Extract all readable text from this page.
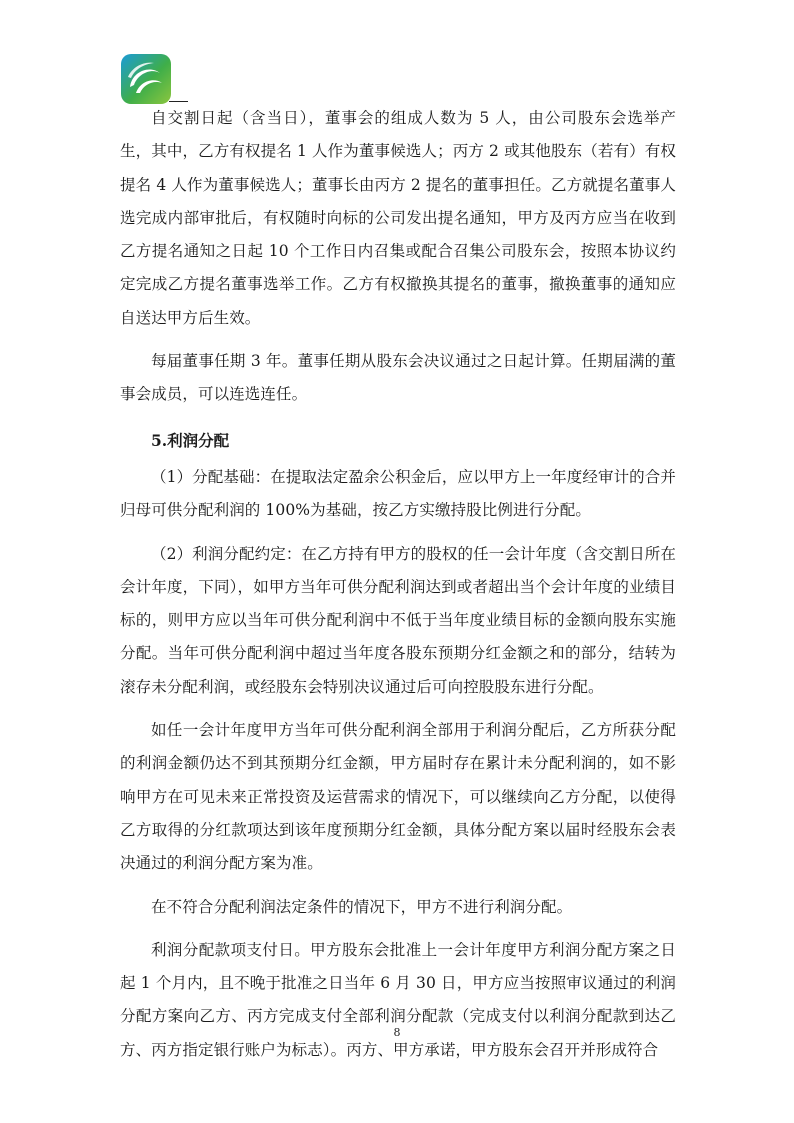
自交割日起（含当日），董事会的组成人数为 5 人，由公司股东会选举产生，其中，乙方有权提名 1 人作为董事候选人；丙方 2 或其他股东（若有）有权提名 4 人作为董事候选人；董事长由丙方 2 提名的董事担任。乙方就提名董事人选完成内部审批后，有权随时向标的公司发出提名通知，甲方及丙方应当在收到乙方提名通知之日起 10 个工作日内召集或配合召集公司股东会，按照本协议约定完成乙方提名董事选举工作。乙方有权撤换其提名的董事，撤换董事的通知应自送达甲方后生效。

每届董事任期 3 年。董事任期从股东会决议通过之日起计算。任期届满的董事会成员，可以连选连任。

5.利润分配

（1）分配基础：在提取法定盈余公积金后，应以甲方上一年度经审计的合并归母可供分配利润的 100%为基础，按乙方实缴持股比例进行分配。

（2）利润分配约定：在乙方持有甲方的股权的任一会计年度（含交割日所在会计年度，下同），如甲方当年可供分配利润达到或者超出当个会计年度的业绩目标的，则甲方应以当年可供分配利润中不低于当年度业绩目标的金额向股东实施分配。当年可供分配利润中超过当年度各股东预期分红金额之和的部分，结转为滚存未分配利润，或经股东会特别决议通过后可向控股股东进行分配。

如任一会计年度甲方当年可供分配利润全部用于利润分配后，乙方所获分配的利润金额仍达不到其预期分红金额，甲方届时存在累计未分配利润的，如不影响甲方在可见未来正常投资及运营需求的情况下，可以继续向乙方分配，以使得乙方取得的分红款项达到该年度预期分红金额，具体分配方案以届时经股东会表决通过的利润分配方案为准。

在不符合分配利润法定条件的情况下，甲方不进行利润分配。

利润分配款项支付日。甲方股东会批准上一会计年度甲方利润分配方案之日起 1 个月内，且不晚于批准之日当年 6 月 30 日，甲方应当按照审议通过的利润分配方案向乙方、丙方完成支付全部利润分配款（完成支付以利润分配款到达乙方、丙方指定银行账户为标志）。丙方、甲方承诺，甲方股东会召开并形成符合

8
